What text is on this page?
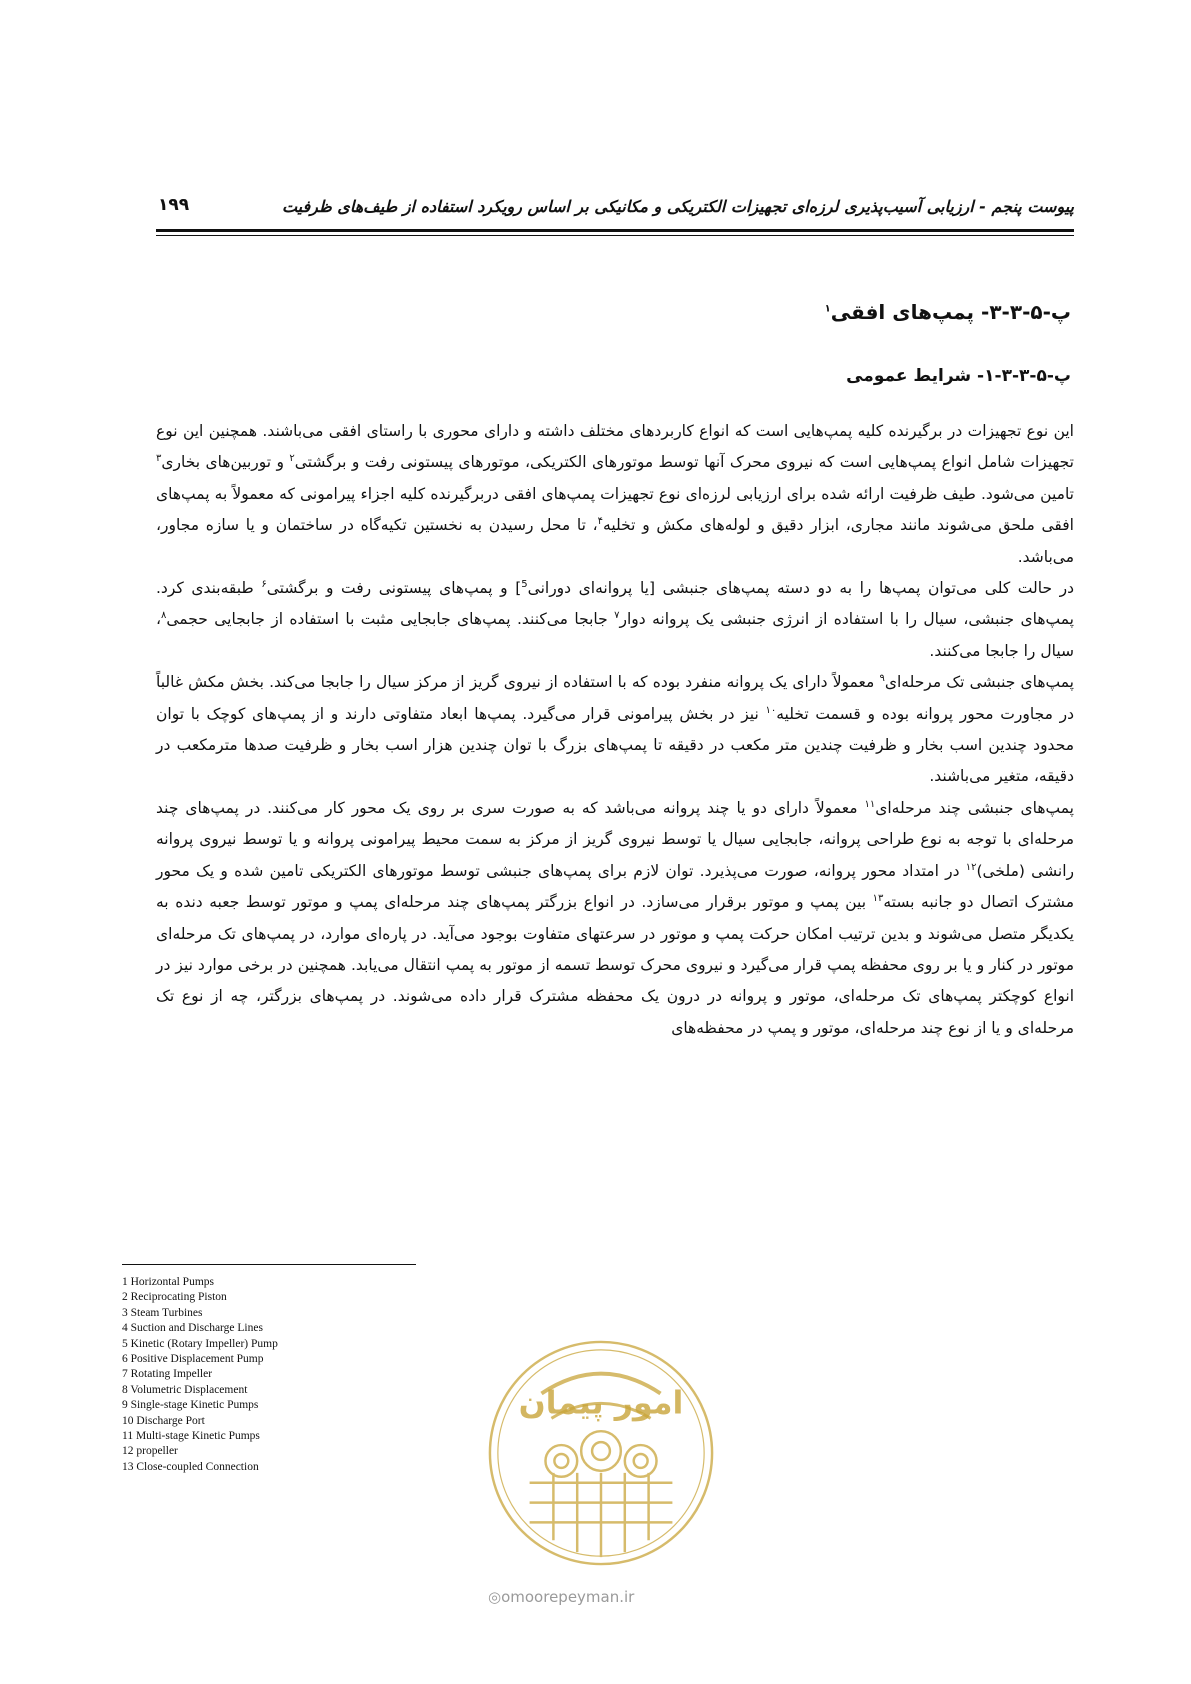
پیوست پنجم - ارزیابی آسیب‌پذیری لرزه‌ای تجهیزات الکتریکی و مکانیکی بر اساس رویکرد استفاده از طیف‌های ظرفیت
۱۹۹
پ-۵-۳-۳- پمپ‌های افقی$^۱$
پ-۵-۳-۳-۱- شرایط عمومی

این نوع تجهیزات در برگیرنده کلیه پمپ‌هایی است که انواع کاربردهای مختلف داشته و دارای محوری با راستای افقی می‌باشند. همچنین این نوع تجهیزات شامل انواع پمپ‌هایی است که نیروی محرک آنها توسط موتورهای الکتریکی، موتورهای پیستونی رفت و برگشتی$^۲$ و توربین‌های بخاری$^۳$ تامین می‌شود. طیف ظرفیت ارائه شده برای ارزیابی لرزه‌ای نوع تجهیزات پمپ‌های افقی دربرگیرنده کلیه اجزاء پیرامونی که معمولاً به پمپ‌های افقی ملحق می‌شوند مانند مجاری، ابزار دقیق و لوله‌های مکش و تخلیه$^۴$، تا محل رسیدن به نخستین تکیه‌گاه در ساختمان و یا سازه مجاور، می‌باشد.

در حالت کلی می‌توان پمپ‌ها را به دو دسته پمپ‌های جنبشی [یا پروانه‌ای دورانی$^5$] و پمپ‌های پیستونی رفت و برگشتی$^۶$ طبقه‌بندی کرد. پمپ‌های جنبشی، سیال را با استفاده از انرژی جنبشی یک پروانه دوار$^۷$ جابجا می‌کنند. پمپ‌های جابجایی مثبت با استفاده از جابجایی حجمی$^۸$، سیال را جابجا می‌کنند.

پمپ‌های جنبشی تک مرحله‌ای$^۹$ معمولاً دارای یک پروانه منفرد بوده که با استفاده از نیروی گریز از مرکز سیال را جابجا می‌کند. بخش مکش غالباً در مجاورت محور پروانه بوده و قسمت تخلیه$^{۱۰}$ نیز در بخش پیرامونی قرار می‌گیرد. پمپ‌ها ابعاد متفاوتی دارند و از پمپ‌های کوچک با توان محدود چندین اسب بخار و ظرفیت چندین متر مکعب در دقیقه تا پمپ‌های بزرگ با توان چندین هزار اسب بخار و ظرفیت صدها مترمکعب در دقیقه، متغیر می‌باشند.

پمپ‌های جنبشی چند مرحله‌ای$^{۱۱}$ معمولاً دارای دو یا چند پروانه می‌باشد که به صورت سری بر روی یک محور کار می‌کنند. در پمپ‌های چند مرحله‌ای با توجه به نوع طراحی پروانه، جابجایی سیال یا توسط نیروی گریز از مرکز به سمت محیط پیرامونی پروانه و یا توسط نیروی پروانه رانشی (ملخی)$^{۱۲}$ در امتداد محور پروانه، صورت می‌پذیرد. توان لازم برای پمپ‌های جنبشی توسط موتورهای الکتریکی تامین شده و یک محور مشترک اتصال دو جانبه بسته$^{۱۳}$ بین پمپ و موتور برقرار می‌سازد. در انواع بزرگتر پمپ‌های چند مرحله‌ای پمپ و موتور توسط جعبه دنده به یکدیگر متصل می‌شوند و بدین ترتیب امکان حرکت پمپ و موتور در سرعتهای متفاوت بوجود می‌آید. در پاره‌ای موارد، در پمپ‌های تک مرحله‌ای موتور در کنار و یا بر روی محفظه پمپ قرار می‌گیرد و نیروی محرک توسط تسمه از موتور به پمپ انتقال می‌یابد. همچنین در برخی موارد نیز در انواع کوچکتر پمپ‌های تک مرحله‌ای، موتور و پروانه در درون یک محفظه مشترک قرار داده می‌شوند. در پمپ‌های بزرگتر، چه از نوع تک مرحله‌ای و یا از نوع چند مرحله‌ای، موتور و پمپ در محفظه‌های

1 Horizontal Pumps
2 Reciprocating Piston
3 Steam Turbines
4 Suction and Discharge Lines
5 Kinetic (Rotary Impeller) Pump
6 Positive Displacement Pump
7 Rotating Impeller
8 Volumetric Displacement
9 Single-stage Kinetic Pumps
10 Discharge Port
11 Multi-stage Kinetic Pumps
12 propeller
13 Close-coupled Connection
امور پیمان
◎omoorepeyman.ir
